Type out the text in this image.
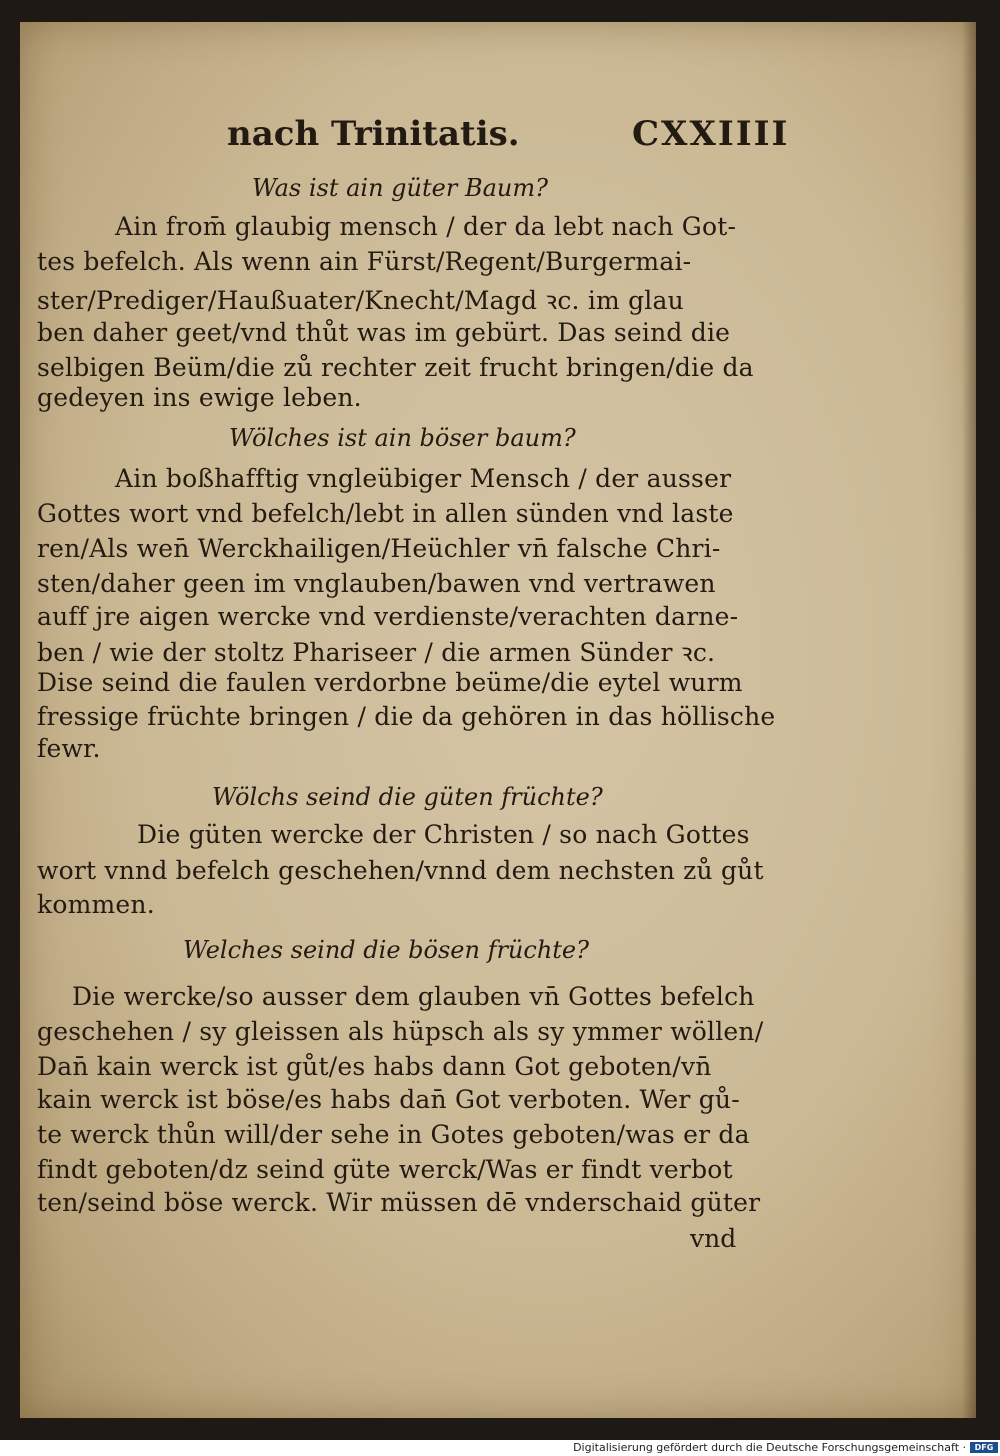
nach Trinitatis.	CXXIIII
Was ist ain güter Baum?
Ain from̄ glaubig mensch / der da lebt nach Got-
tes befelch. Als wenn ain Fürst/Regent/Burgermai-
ster/Prediger/Haußuater/Knecht/Magd ꝛc. im glau
ben daher geet/vnd thůt was im gebürt. Das seind die
selbigen Beüm/die zů rechter zeit frucht bringen/die da
gedeyen ins ewige leben.
Wölches ist ain böser baum?
Ain boßhafftig vngleübiger Mensch / der ausser
Gottes wort vnd befelch/lebt in allen sünden vnd laste
ren/Als wen̄ Werckhailigen/Heüchler vn̄ falsche Chri-
sten/daher geen im vnglauben/bawen vnd vertrawen
auff jre aigen wercke vnd verdienste/verachten darne-
ben / wie der stoltz Phariseer / die armen Sünder ꝛc.
Dise seind die faulen verdorbne beüme/die eytel wurm
fressige früchte bringen / die da gehören in das höllische
fewr.
Wölchs seind die güten früchte?
Die güten wercke der Christen / so nach Gottes
wort vnnd befelch geschehen/vnnd dem nechsten zů gůt
kommen.
Welches seind die bösen früchte?
Die wercke/so ausser dem glauben vn̄ Gottes befelch
geschehen / sy gleissen als hüpsch als sy ymmer wöllen/
Dan̄ kain werck ist gůt/es habs dann Got geboten/vn̄
kain werck ist böse/es habs dan̄ Got verboten. Wer gů-
te werck thůn will/der sehe in Gotes geboten/was er da
findt geboten/dz seind güte werck/Was er findt verbot
ten/seind böse werck. Wir müssen dē vnderschaid güter
vnd
Digitalisierung gefördert durch die Deutsche Forschungsgemeinschaft ·	DFG
